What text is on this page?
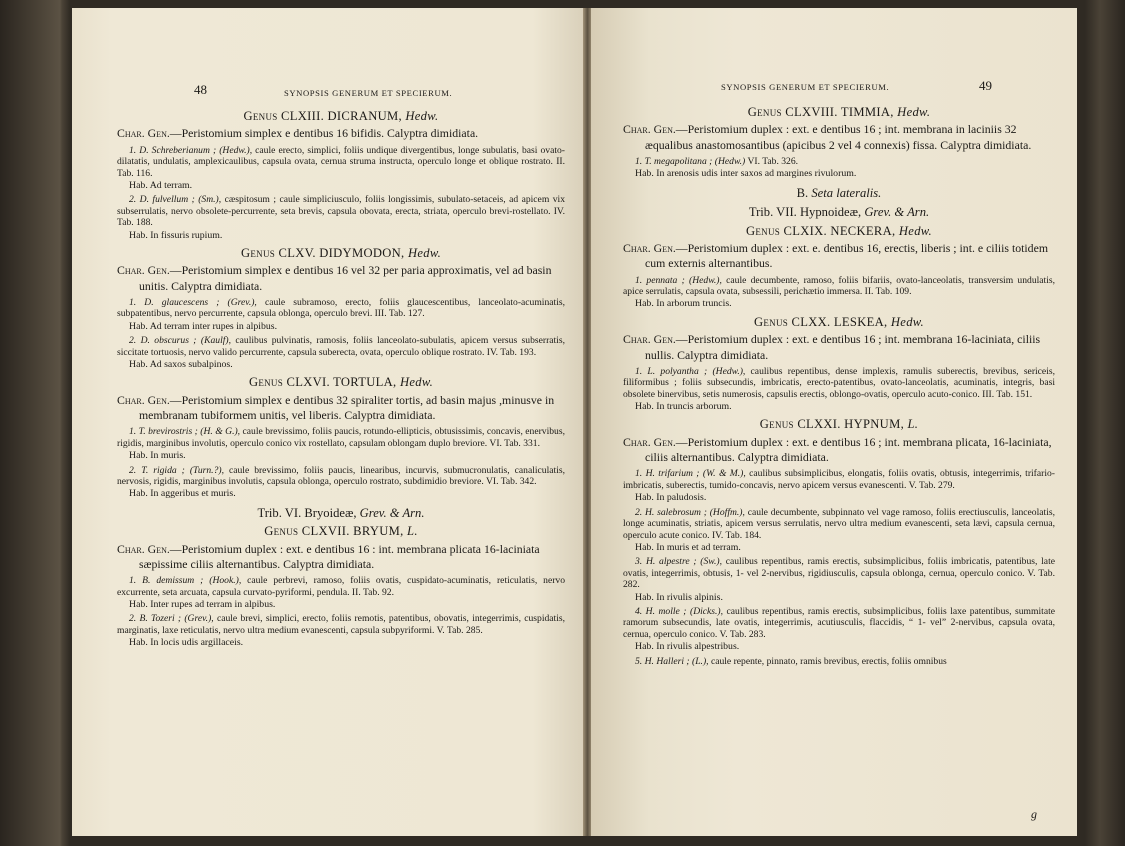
48	SYNOPSIS GENERUM ET SPECIERUM.
Genus CLXIII. DICRANUM, Hedw.
Char. Gen.—Peristomium simplex e dentibus 16 bifidis. Calyptra dimidiata.
1. D. Schreberianum ; (Hedw.), caule erecto, simplici, foliis undique divergentibus, longe subulatis, basi ovato-dilatatis, undulatis, amplexicaulibus, capsula ovata, cernua struma instructa, operculo longe et oblique rostrato. II. Tab. 116.
Hab. Ad terram.
2. D. fulvellum ; (Sm.), cæspitosum ; caule simpliciusculo, foliis longissimis, subulato-setaceis, ad apicem vix subserrulatis, nervo obsolete-percurrente, seta brevis, capsula obovata, erecta, striata, operculo brevi-rostellato. IV. Tab. 188.
Hab. In fissuris rupium.
Genus CLXV. DIDYMODON, Hedw.
Char. Gen.—Peristomium simplex e dentibus 16 vel 32 per paria approximatis, vel ad basin unitis. Calyptra dimidiata.
1. D. glaucescens ; (Grev.), caule subramoso, erecto, foliis glaucescentibus, lanceolato-acuminatis, subpatentibus, nervo percurrente, capsula oblonga, operculo brevi. III. Tab. 127.
Hab. Ad terram inter rupes in alpibus.
2. D. obscurus ; (Kaulf), caulibus pulvinatis, ramosis, foliis lanceolato-subulatis, apicem versus subserratis, siccitate tortuosis, nervo valido percurrente, capsula suberecta, ovata, operculo oblique rostrato. IV. Tab. 193.
Hab. Ad saxos subalpinos.
Genus CLXVI. TORTULA, Hedw.
Char. Gen.—Peristomium simplex e dentibus 32 spiraliter tortis, ad basin majus ,minusve in membranam tubiformem unitis, vel liberis. Calyptra dimidiata.
1. T. brevirostris ; (H. & G.), caule brevissimo, foliis paucis, rotundo-ellipticis, obtusissimis, concavis, enervibus, rigidis, marginibus involutis, operculo conico vix rostellato, capsulam oblongam duplo breviore. VI. Tab. 331.
Hab. In muris.
2. T. rigida ; (Turn.?), caule brevissimo, foliis paucis, linearibus, incurvis, submucronulatis, canaliculatis, nervosis, rigidis, marginibus involutis, capsula oblonga, operculo rostrato, subdimidio breviore. VI. Tab. 342.
Hab. In aggeribus et muris.
Trib. VI. Bryoideæ, Grev. & Arn.
Genus CLXVII. BRYUM, L.
Char. Gen.—Peristomium duplex : ext. e dentibus 16 : int. membrana plicata 16-laciniata sæpissime ciliis alternantibus. Calyptra dimidiata.
1. B. demissum ; (Hook.), caule perbrevi, ramoso, foliis ovatis, cuspidato-acuminatis, reticulatis, nervo excurrente, seta arcuata, capsula curvato-pyriformi, pendula. II. Tab. 92.
Hab. Inter rupes ad terram in alpibus.
2. B. Tozeri ; (Grev.), caule brevi, simplici, erecto, foliis remotis, patentibus, obovatis, integerrimis, cuspidatis, marginatis, laxe reticulatis, nervo ultra medium evanescenti, capsula subpyriformi. V. Tab. 285.
Hab. In locis udis argillaceis.
SYNOPSIS GENERUM ET SPECIERUM.	49
Genus CLXVIII. TIMMIA, Hedw.
Char. Gen.—Peristomium duplex : ext. e dentibus 16 ; int. membrana in laciniis 32 æqualibus anastomosantibus (apicibus 2 vel 4 connexis) fissa. Calyptra dimidiata.
1. T. megapolitana ; (Hedw.) VI. Tab. 326.
Hab. In arenosis udis inter saxos ad margines rivulorum.
B. Seta lateralis.
Trib. VII. Hypnoideæ, Grev. & Arn.
Genus CLXIX. NECKERA, Hedw.
Char. Gen.—Peristomium duplex : ext. e. dentibus 16, erectis, liberis ; int. e ciliis totidem cum externis alternantibus.
1. pennata ; (Hedw.), caule decumbente, ramoso, foliis bifariis, ovato-lanceolatis, transversim undulatis, apice serrulatis, capsula ovata, subsessili, perichætio immersa. II. Tab. 109.
Hab. In arborum truncis.
Genus CLXX. LESKEA, Hedw.
Char. Gen.—Peristomium duplex : ext. e dentibus 16 ; int. membrana 16-laciniata, ciliis nullis. Calyptra dimidiata.
1. L. polyantha ; (Hedw.), caulibus repentibus, dense implexis, ramulis suberectis, brevibus, sericeis, filiformibus ; foliis subsecundis, imbricatis, erecto-patentibus, ovato-lanceolatis, acuminatis, integris, basi obsolete binervibus, setis numerosis, capsulis erectis, oblongo-ovatis, operculo acuto-conico. III. Tab. 151.
Hab. In truncis arborum.
Genus CLXXI. HYPNUM, L.
Char. Gen.—Peristomium duplex : ext. e dentibus 16 ; int. membrana plicata, 16-laciniata, ciliis alternantibus. Calyptra dimidiata.
1. H. trifarium ; (W. & M.), caulibus subsimplicibus, elongatis, foliis ovatis, obtusis, integerrimis, trifario-imbricatis, suberectis, tumido-concavis, nervo apicem versus evanescenti. V. Tab. 279.
Hab. In paludosis.
2. H. salebrosum ; (Hoffm.), caule decumbente, subpinnato vel vage ramoso, foliis erectiusculis, lanceolatis, longe acuminatis, striatis, apicem versus serrulatis, nervo ultra medium evanescenti, seta lævi, capsula cernua, operculo acute conico. IV. Tab. 184.
Hab. In muris et ad terram.
3. H. alpestre ; (Sw.), caulibus repentibus, ramis erectis, subsimplicibus, foliis imbricatis, patentibus, late ovatis, integerrimis, obtusis, 1- vel 2-nervibus, rigidiusculis, capsula oblonga, cernua, operculo conico. V. Tab. 282.
Hab. In rivulis alpinis.
4. H. molle ; (Dicks.), caulibus repentibus, ramis erectis, subsimplicibus, foliis laxe patentibus, summitate ramorum subsecundis, late ovatis, integerrimis, acutiusculis, flaccidis, “ 1- vel” 2-nervibus, capsula ovata, cernua, operculo conico. V. Tab. 283.
Hab. In rivulis alpestribus.
5. H. Halleri ; (L.), caule repente, pinnato, ramis brevibus, erectis, foliis omnibus
g
